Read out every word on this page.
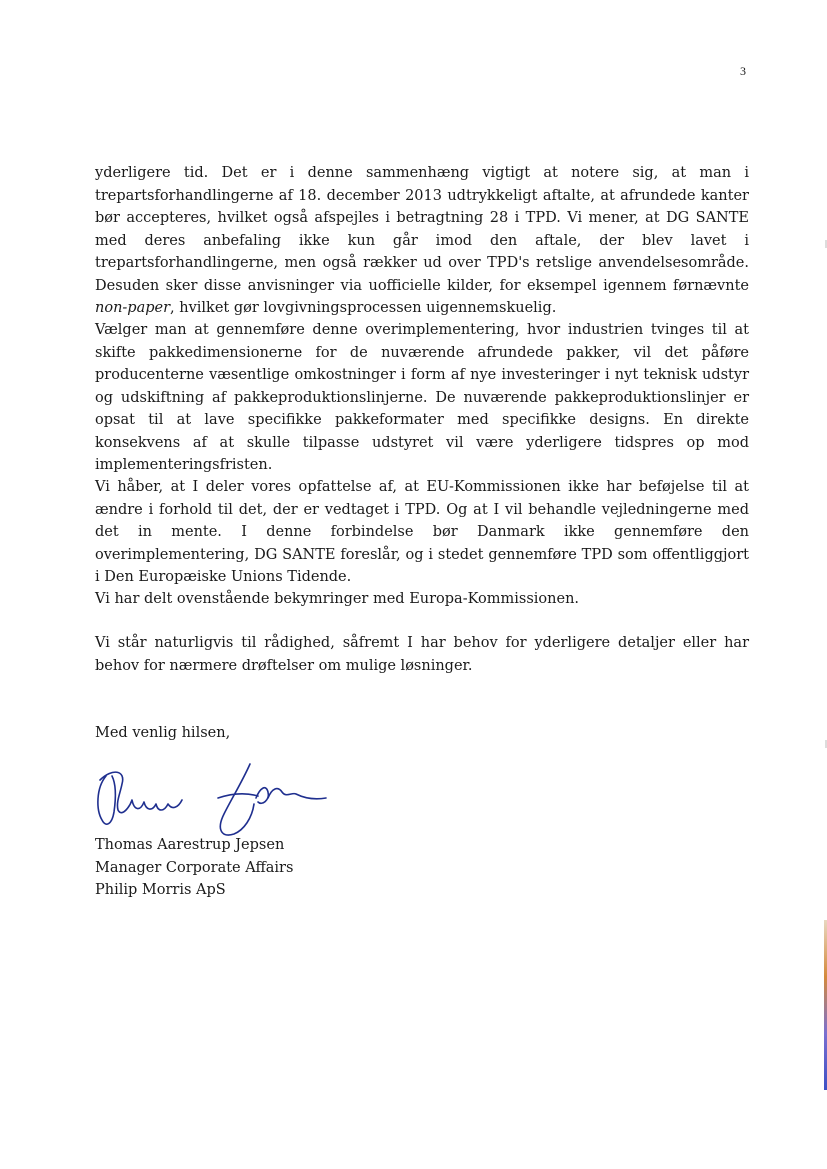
3

yderligere tid. Det er i denne sammenhæng vigtigt at notere sig, at man i trepartsforhandlingerne af 18. december 2013 udtrykkeligt aftalte, at afrundede kanter bør accepteres, hvilket også afspejles i betragtning 28 i TPD. Vi mener, at DG SANTE med deres anbefaling ikke kun går imod den aftale, der blev lavet i trepartsforhandlingerne, men også rækker ud over TPD's retslige anvendelsesområde. Desuden sker disse anvisninger via uofficielle kilder, for eksempel igennem førnævnte non-paper, hvilket gør lovgivningsprocessen uigennemskuelig.

Vælger man at gennemføre denne overimplementering, hvor industrien tvinges til at skifte pakkedimensionerne for de nuværende afrundede pakker, vil det påføre producenterne væsentlige omkostninger i form af nye investeringer i nyt teknisk udstyr og udskiftning af pakkeproduktionslinjerne. De nuværende pakkeproduktionslinjer er opsat til at lave specifikke pakkeformater med specifikke designs. En direkte konsekvens af at skulle tilpasse udstyret vil være yderligere tidspres op mod implementeringsfristen.

Vi håber, at I deler vores opfattelse af, at EU-Kommissionen ikke har beføjelse til at ændre i forhold til det, der er vedtaget i TPD. Og at I vil behandle vejledningerne med det in mente. I denne forbindelse bør Danmark ikke gennemføre den overimplementering, DG SANTE foreslår, og i stedet gennemføre TPD som offentliggjort i Den Europæiske Unions Tidende.

Vi har delt ovenstående bekymringer med Europa-Kommissionen.

Vi står naturligvis til rådighed, såfremt I har behov for yderligere detaljer eller har behov for nærmere drøftelser om mulige løsninger.

Med venlig hilsen,
Thomas Aarestrup Jepsen
Manager Corporate Affairs
Philip Morris ApS
